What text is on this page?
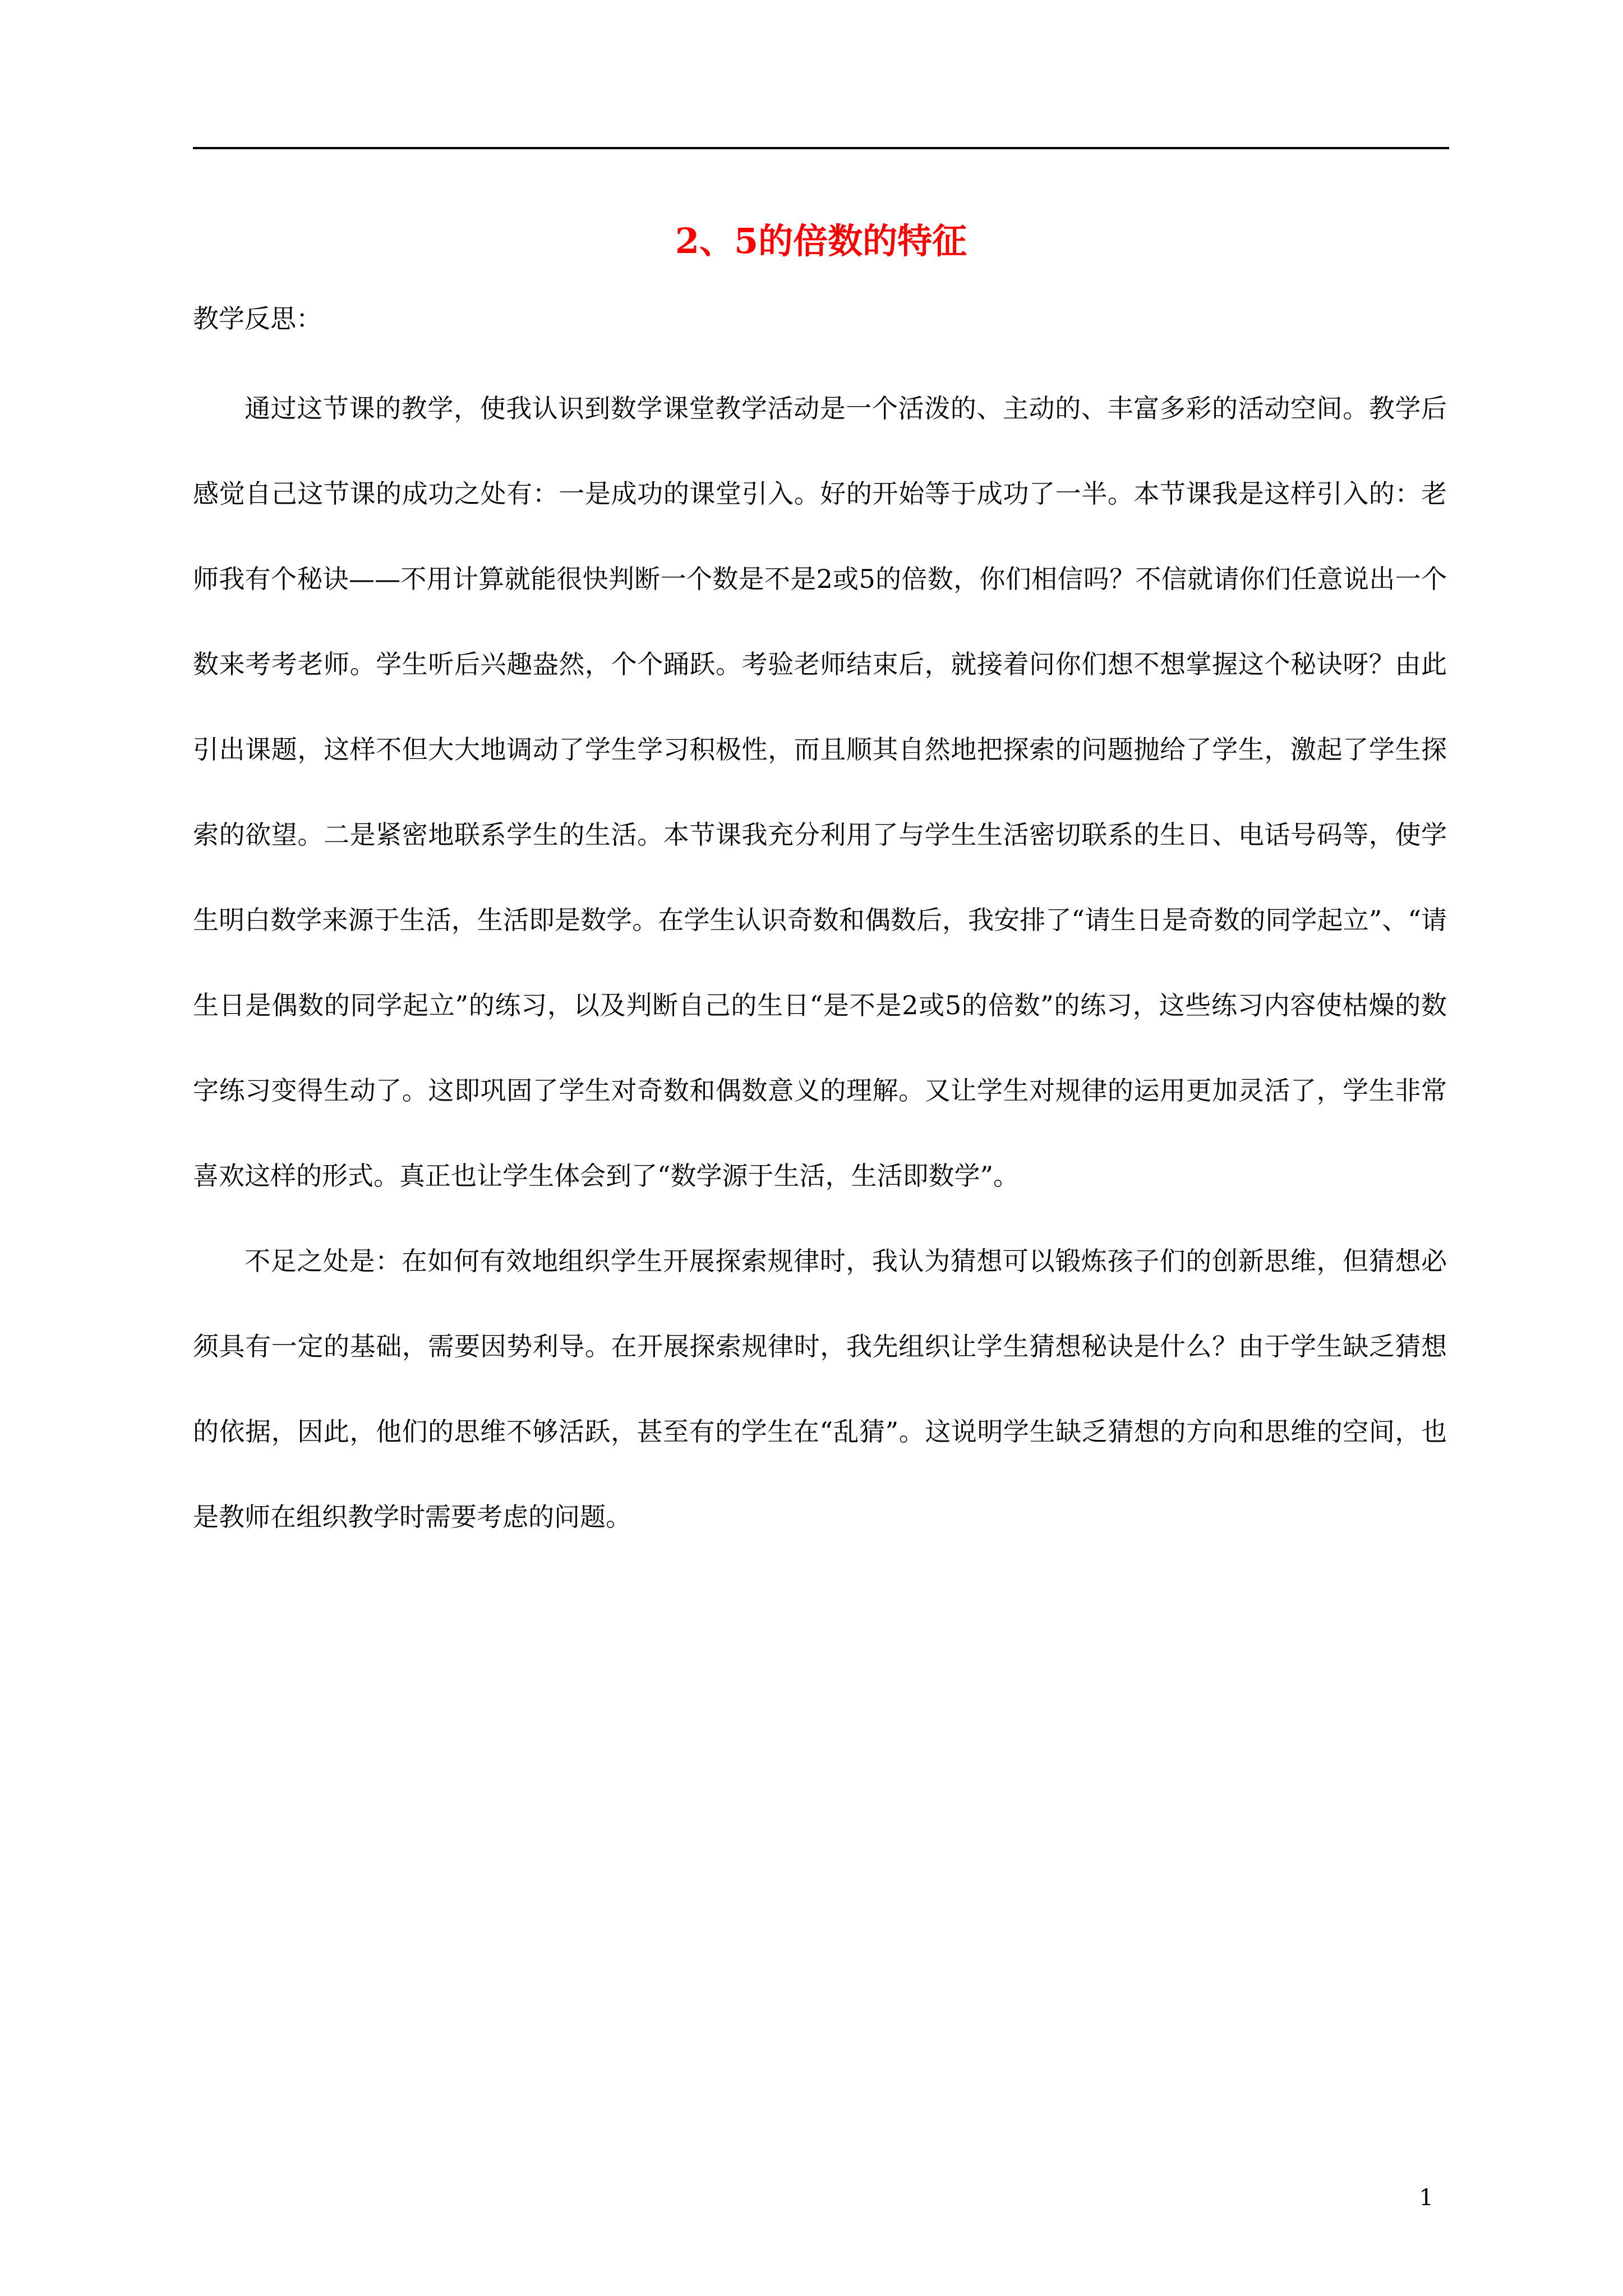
2、5的倍数的特征

教学反思：

通过这节课的教学，使我认识到数学课堂教学活动是一个活泼的、主动的、丰富多彩的活动空间。教学后感觉自己这节课的成功之处有：一是成功的课堂引入。好的开始等于成功了一半。本节课我是这样引入的：老师我有个秘诀——不用计算就能很快判断一个数是不是2或5的倍数，你们相信吗？不信就请你们任意说出一个数来考考老师。学生听后兴趣盎然，个个踊跃。考验老师结束后，就接着问你们想不想掌握这个秘诀呀？由此引出课题，这样不但大大地调动了学生学习积极性，而且顺其自然地把探索的问题抛给了学生，激起了学生探索的欲望。二是紧密地联系学生的生活。本节课我充分利用了与学生生活密切联系的生日、电话号码等，使学生明白数学来源于生活，生活即是数学。在学生认识奇数和偶数后，我安排了“请生日是奇数的同学起立”、“请生日是偶数的同学起立”的练习，以及判断自己的生日“是不是2或5的倍数”的练习，这些练习内容使枯燥的数字练习变得生动了。这即巩固了学生对奇数和偶数意义的理解。又让学生对规律的运用更加灵活了，学生非常喜欢这样的形式。真正也让学生体会到了“数学源于生活，生活即数学”。

不足之处是：在如何有效地组织学生开展探索规律时，我认为猜想可以锻炼孩子们的创新思维，但猜想必须具有一定的基础，需要因势利导。在开展探索规律时，我先组织让学生猜想秘诀是什么？由于学生缺乏猜想的依据，因此，他们的思维不够活跃，甚至有的学生在“乱猜”。这说明学生缺乏猜想的方向和思维的空间，也是教师在组织教学时需要考虑的问题。

1
